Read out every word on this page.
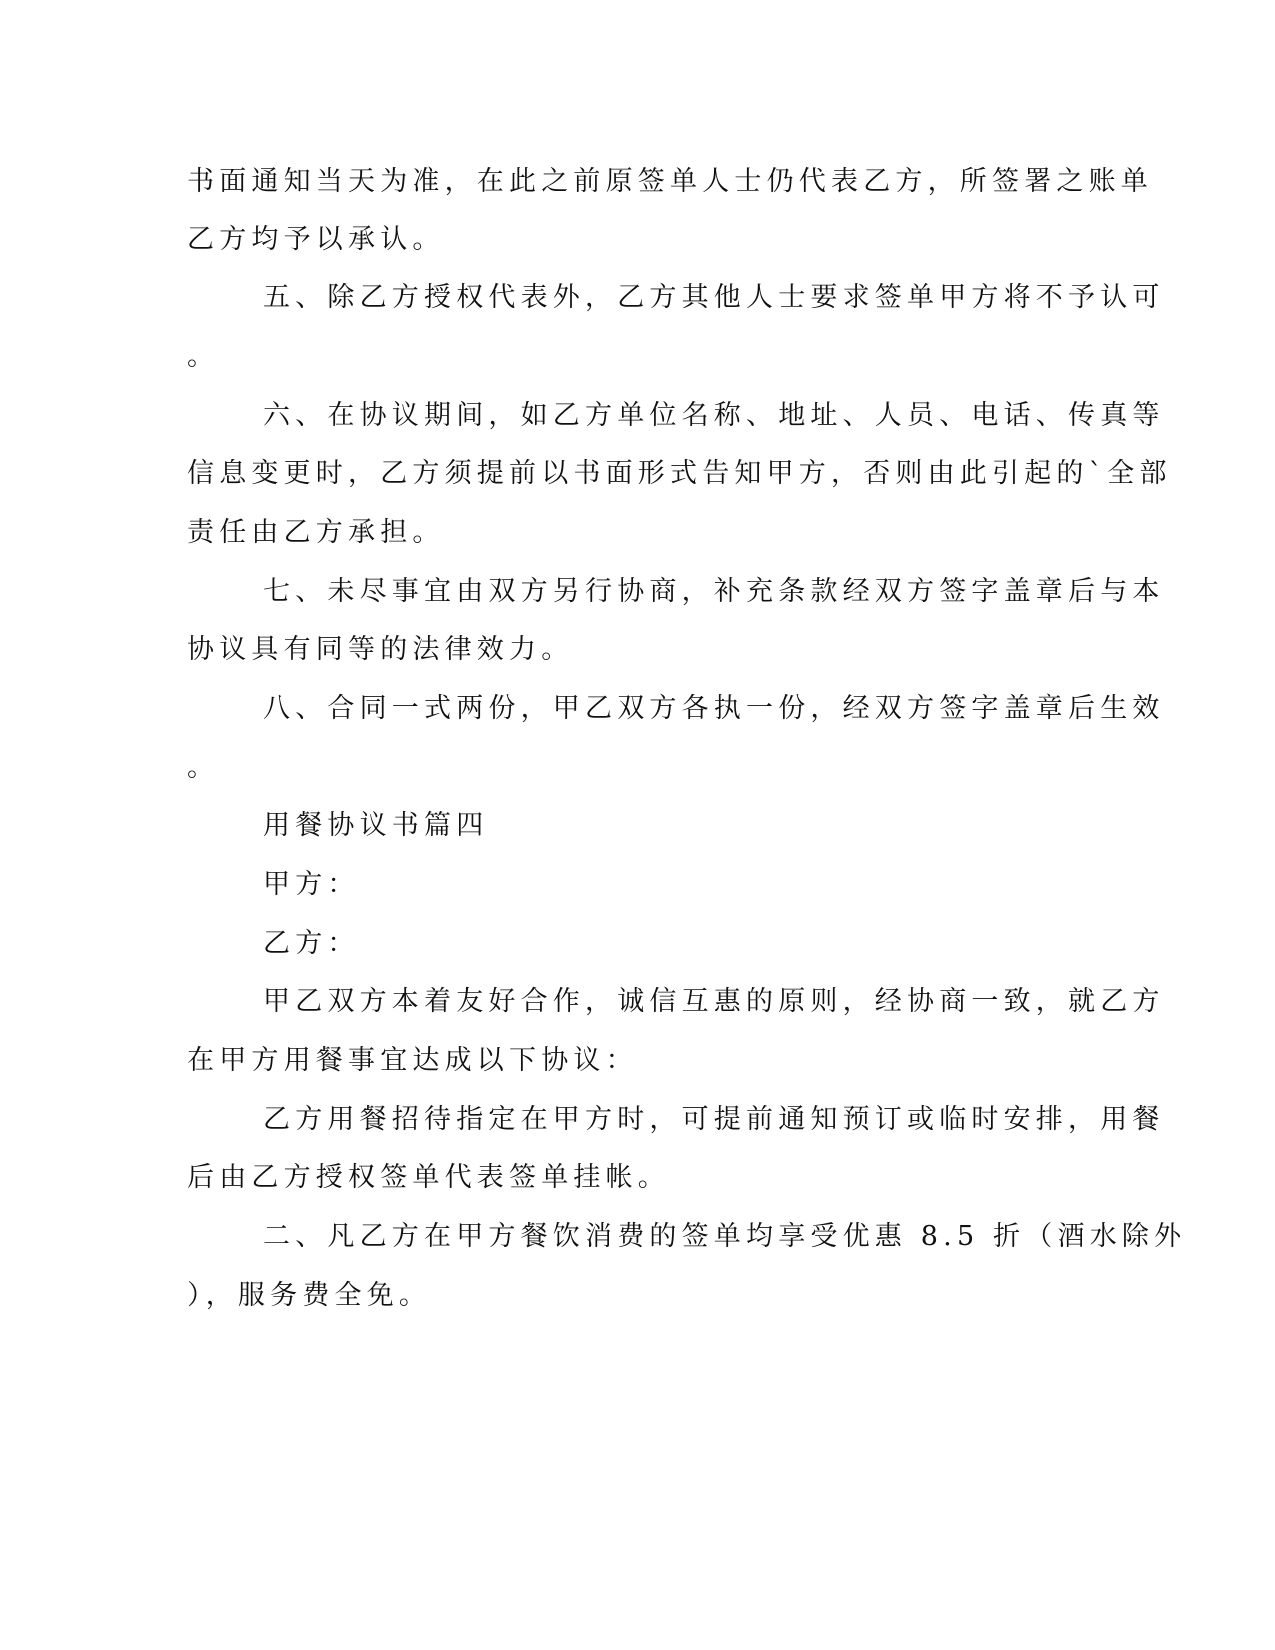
书面通知当天为准，在此之前原签单人士仍代表乙方，所签署之账单
乙方均予以承认。
五、除乙方授权代表外，乙方其他人士要求签单甲方将不予认可
。
六、在协议期间，如乙方单位名称、地址、人员、电话、传真等
信息变更时，乙方须提前以书面形式告知甲方，否则由此引起的`全部
责任由乙方承担。
七、未尽事宜由双方另行协商，补充条款经双方签字盖章后与本
协议具有同等的法律效力。
八、合同一式两份，甲乙双方各执一份，经双方签字盖章后生效
。
用餐协议书篇四
甲方：
乙方：
甲乙双方本着友好合作，诚信互惠的原则，经协商一致，就乙方
在甲方用餐事宜达成以下协议：
乙方用餐招待指定在甲方时，可提前通知预订或临时安排，用餐
后由乙方授权签单代表签单挂帐。
二、凡乙方在甲方餐饮消费的签单均享受优惠 8.5 折（酒水除外
），服务费全免。
